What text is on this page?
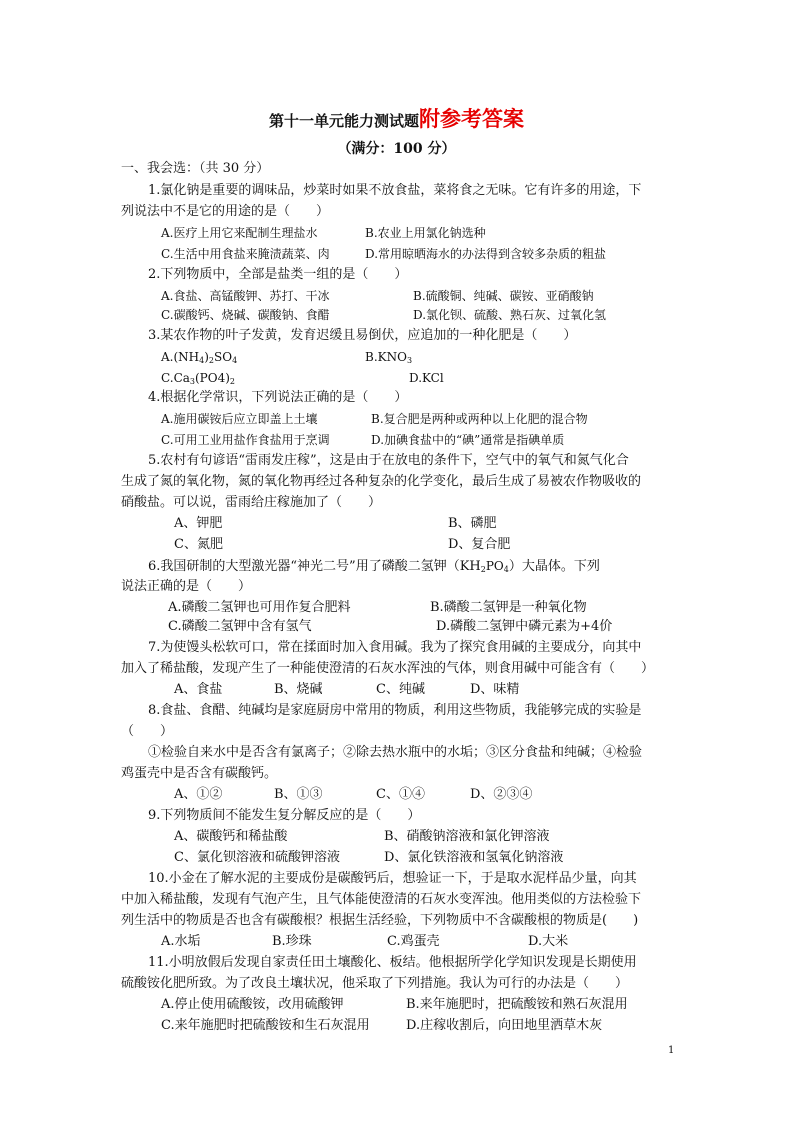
第十一单元能力测试题附参考答案
（满分：100 分）
一、我会选：（共 30 分）
1.氯化钠是重要的调味品，炒菜时如果不放食盐，菜将食之无味。它有许多的用途，下
列说法中不是它的用途的是（　　）
A.医疗上用它来配制生理盐水	B.农业上用氯化钠选种
C.生活中用食盐来腌渍蔬菜、肉	D.常用晾晒海水的办法得到含较多杂质的粗盐
2.下列物质中，全部是盐类一组的是（　　）
A.食盐、高锰酸钾、苏打、干冰	B.硫酸铜、纯碱、碳铵、亚硝酸钠
C.碳酸钙、烧碱、碳酸钠、食醋	D.氯化钡、硫酸、熟石灰、过氧化氢
3.某农作物的叶子发黄，发育迟缓且易倒伏，应追加的一种化肥是（　　）
$A.(NH_4)_2SO_4$	$B.KNO_3$
$C.Ca_3(PO4)_2$	D.KCl
4.根据化学常识，下列说法正确的是（　　）
A.施用碳铵后应立即盖上土壤	B.复合肥是两种或两种以上化肥的混合物
C.可用工业用盐作食盐用于烹调	D.加碘食盐中的“碘”通常是指碘单质
5.农村有句谚语“雷雨发庄稼”，这是由于在放电的条件下，空气中的氧气和氮气化合
生成了氮的氧化物，氮的氧化物再经过各种复杂的化学变化，最后生成了易被农作物吸收的
硝酸盐。可以说，雷雨给庄稼施加了（　　）
A、钾肥	B、磷肥
C、氮肥	D、复合肥
6.我国研制的大型激光器“神光二号”用了磷酸二氢钾$(KH_2PO_4)$大晶体。下列
说法正确的是（　　）
A.磷酸二氢钾也可用作复合肥料	B.磷酸二氢钾是一种氧化物
C.磷酸二氢钾中含有氢气	D.磷酸二氢钾中磷元素为+4价
7.为使馒头松软可口，常在揉面时加入食用碱。我为了探究食用碱的主要成分，向其中
加入了稀盐酸，发现产生了一种能使澄清的石灰水浑浊的气体，则食用碱中可能含有（　　）
A、食盐	B、烧碱	C、纯碱	D、味精
8.食盐、食醋、纯碱均是家庭厨房中常用的物质，利用这些物质，我能够完成的实验是
（　　）
①检验自来水中是否含有氯离子；②除去热水瓶中的水垢；③区分食盐和纯碱；④检验
鸡蛋壳中是否含有碳酸钙。
A、①②	B、①③	C、①④	D、②③④
9.下列物质间不能发生复分解反应的是（　　）
A、碳酸钙和稀盐酸	B、硝酸钠溶液和氯化钾溶液
C、氯化钡溶液和硫酸钾溶液	D、氯化铁溶液和氢氧化钠溶液
10.小金在了解水泥的主要成份是碳酸钙后，想验证一下，于是取水泥样品少量，向其
中加入稀盐酸，发现有气泡产生，且气体能使澄清的石灰水变浑浊。他用类似的方法检验下
列生活中的物质是否也含有碳酸根？根据生活经验，下列物质中不含碳酸根的物质是(　　)
A.水垢	B.珍珠	C.鸡蛋壳	D.大米
11.小明放假后发现自家责任田土壤酸化、板结。他根据所学化学知识发现是长期使用
硫酸铵化肥所致。为了改良土壤状况，他采取了下列措施。我认为可行的办法是（　　）
A.停止使用硫酸铵，改用硫酸钾	B.来年施肥时，把硫酸铵和熟石灰混用
C.来年施肥时把硫酸铵和生石灰混用	D.庄稼收割后，向田地里洒草木灰
1
